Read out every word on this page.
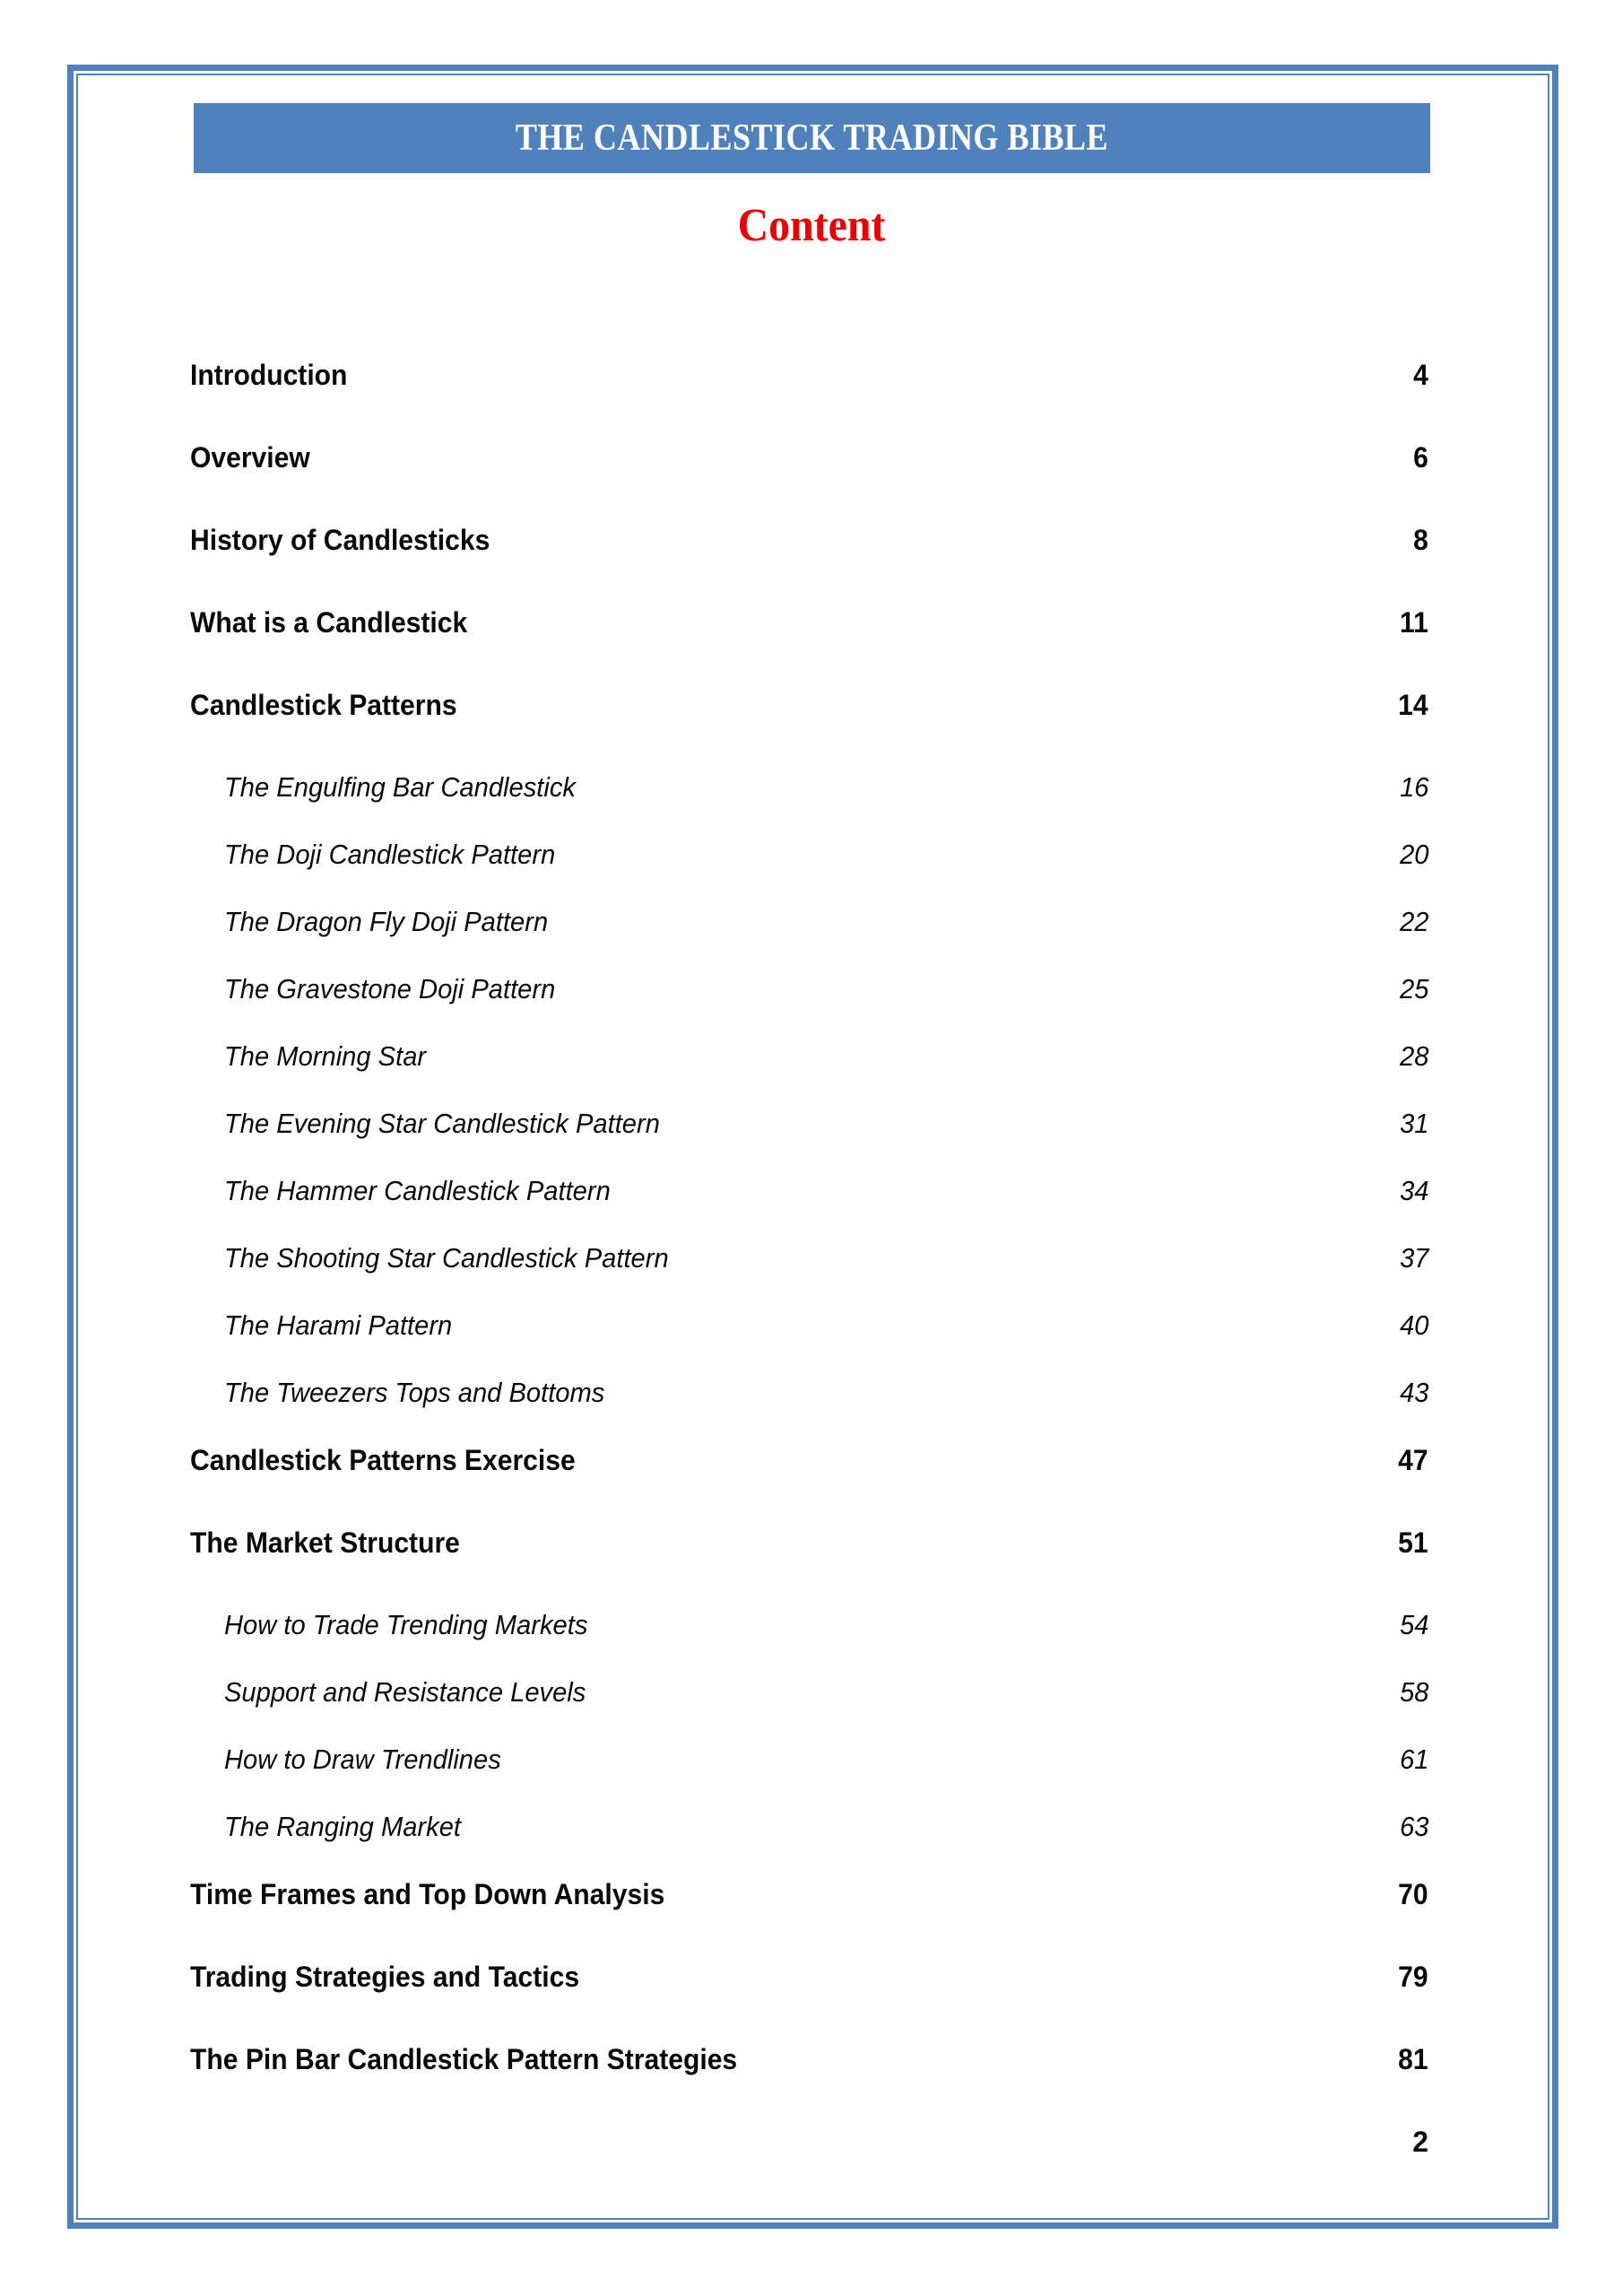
THE CANDLESTICK TRADING BIBLE
Content
Introduction	4
Overview	6
History of Candlesticks	8
What is a Candlestick	11
Candlestick Patterns	14
The Engulfing Bar Candlestick	16
The Doji Candlestick Pattern	20
The Dragon Fly Doji Pattern	22
The Gravestone Doji Pattern	25
The Morning Star	28
The Evening Star Candlestick Pattern	31
The Hammer Candlestick Pattern	34
The Shooting Star Candlestick Pattern	37
The Harami Pattern	40
The Tweezers Tops and Bottoms	43
Candlestick Patterns Exercise	47
The Market Structure	51
How to Trade Trending Markets	54
Support and Resistance Levels	58
How to Draw Trendlines	61
The Ranging Market	63
Time Frames and Top Down Analysis	70
Trading Strategies and Tactics	79
The Pin Bar Candlestick Pattern Strategies	81
2
